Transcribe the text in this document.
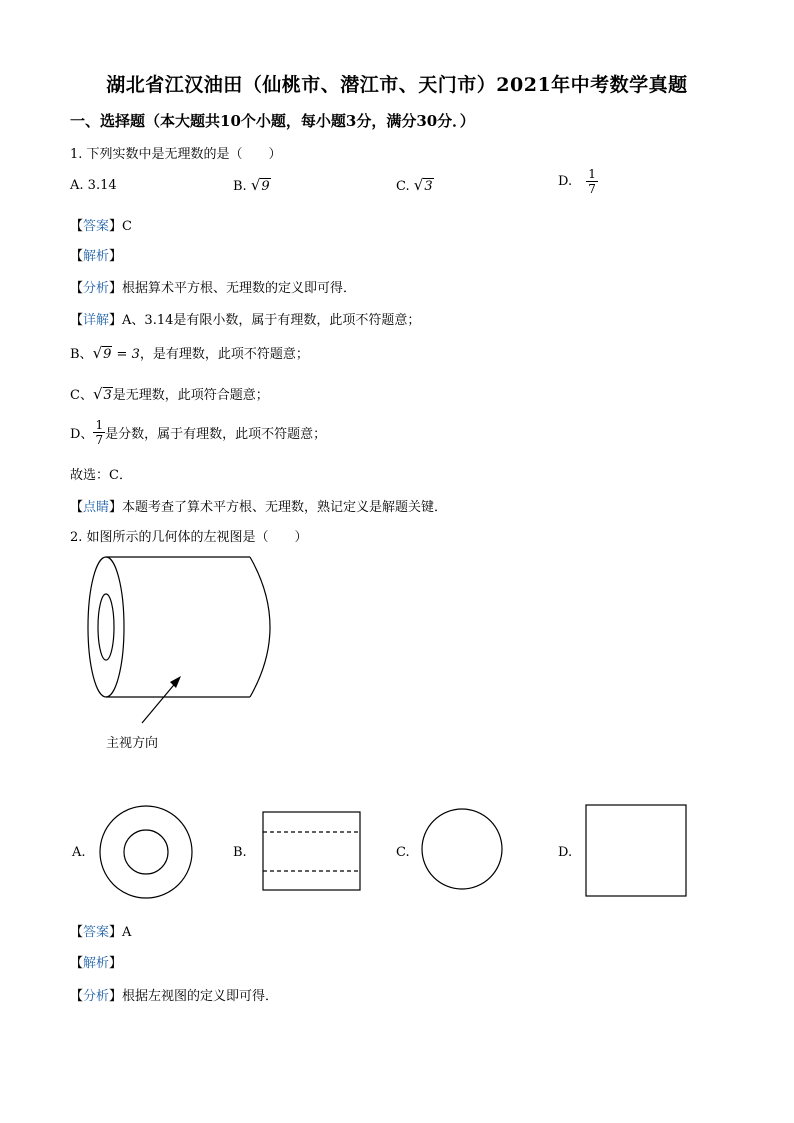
湖北省江汉油田（仙桃市、潜江市、天门市）2021年中考数学真题
一、选择题（本大题共10个小题，每小题3分，满分30分．）
1. 下列实数中是无理数的是（　　）
A. 3.14	B. √9	C. √3	D. $\frac{1}{7}$
【答案】C
【解析】
【分析】根据算术平方根、无理数的定义即可得．
【详解】A、3.14是有限小数，属于有理数，此项不符题意；
B、√9 = 3，是有理数，此项不符题意；
C、√3是无理数，此项符合题意；
D、 $\frac{1}{7}$ 是分数，属于有理数，此项不符题意；
故选：C．
【点睛】本题考查了算术平方根、无理数，熟记定义是解题关键．
2. 如图所示的几何体的左视图是（　　）
主视方向
A.	B.	C.	D.
【答案】A
【解析】
【分析】根据左视图的定义即可得．
